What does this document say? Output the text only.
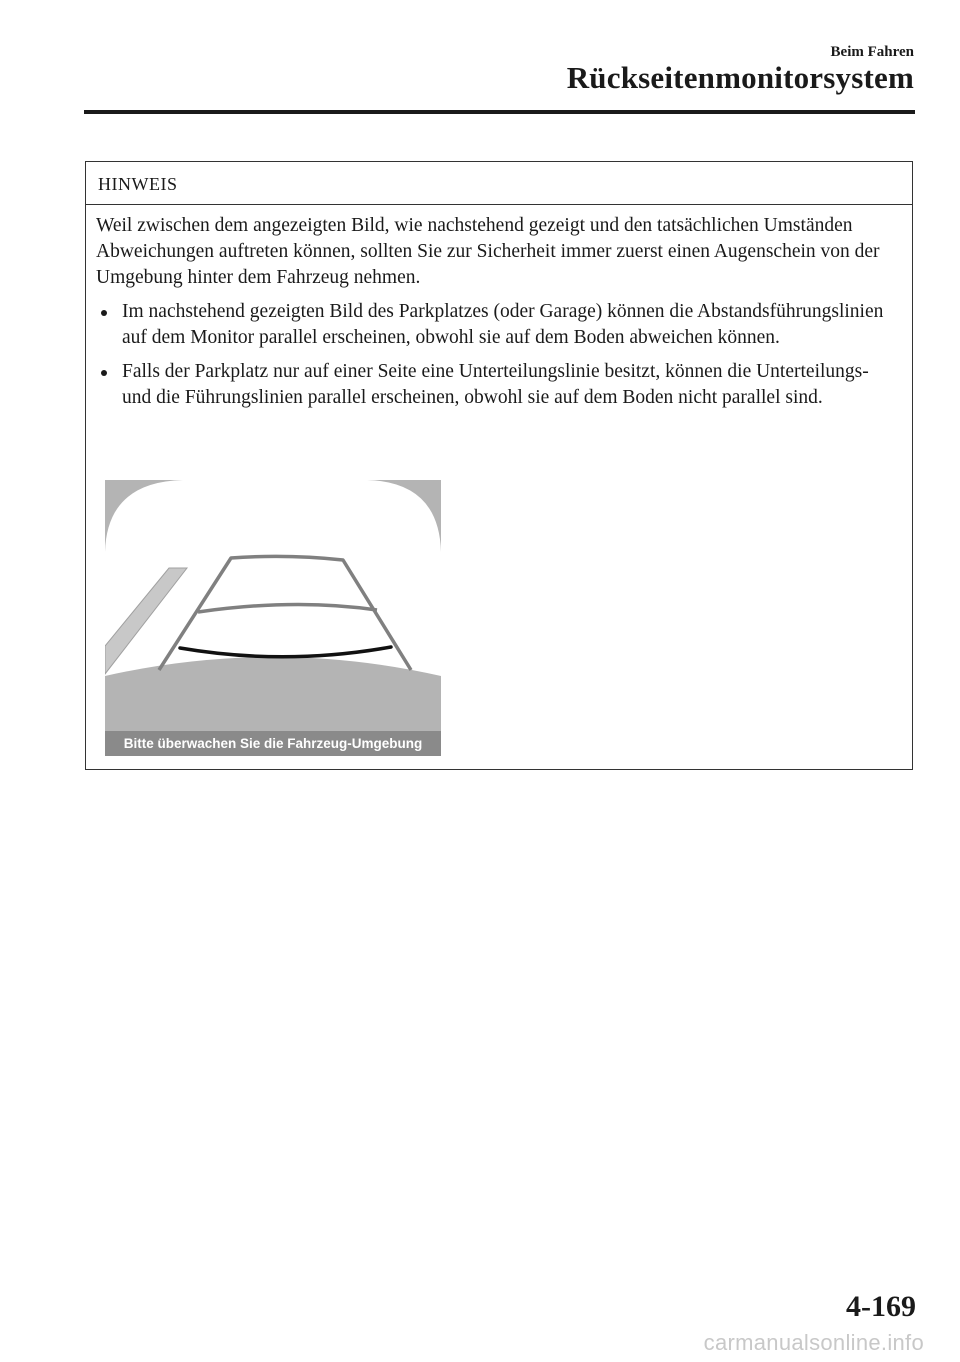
Beim Fahren
Rückseitenmonitorsystem
HINWEIS

Weil zwischen dem angezeigten Bild, wie nachstehend gezeigt und den tatsächlichen Umständen Abweichungen auftreten können, sollten Sie zur Sicherheit immer zuerst einen Augenschein von der Umgebung hinter dem Fahrzeug nehmen.

Im nachstehend gezeigten Bild des Parkplatzes (oder Garage) können die Abstandsführungslinien auf dem Monitor parallel erscheinen, obwohl sie auf dem Boden abweichen können.
Falls der Parkplatz nur auf einer Seite eine Unterteilungslinie besitzt, können die Unterteilungs- und die Führungslinien parallel erscheinen, obwohl sie auf dem Boden nicht parallel sind.
Bitte überwachen Sie die Fahrzeug-Umgebung
4-169
carmanualsonline.info
